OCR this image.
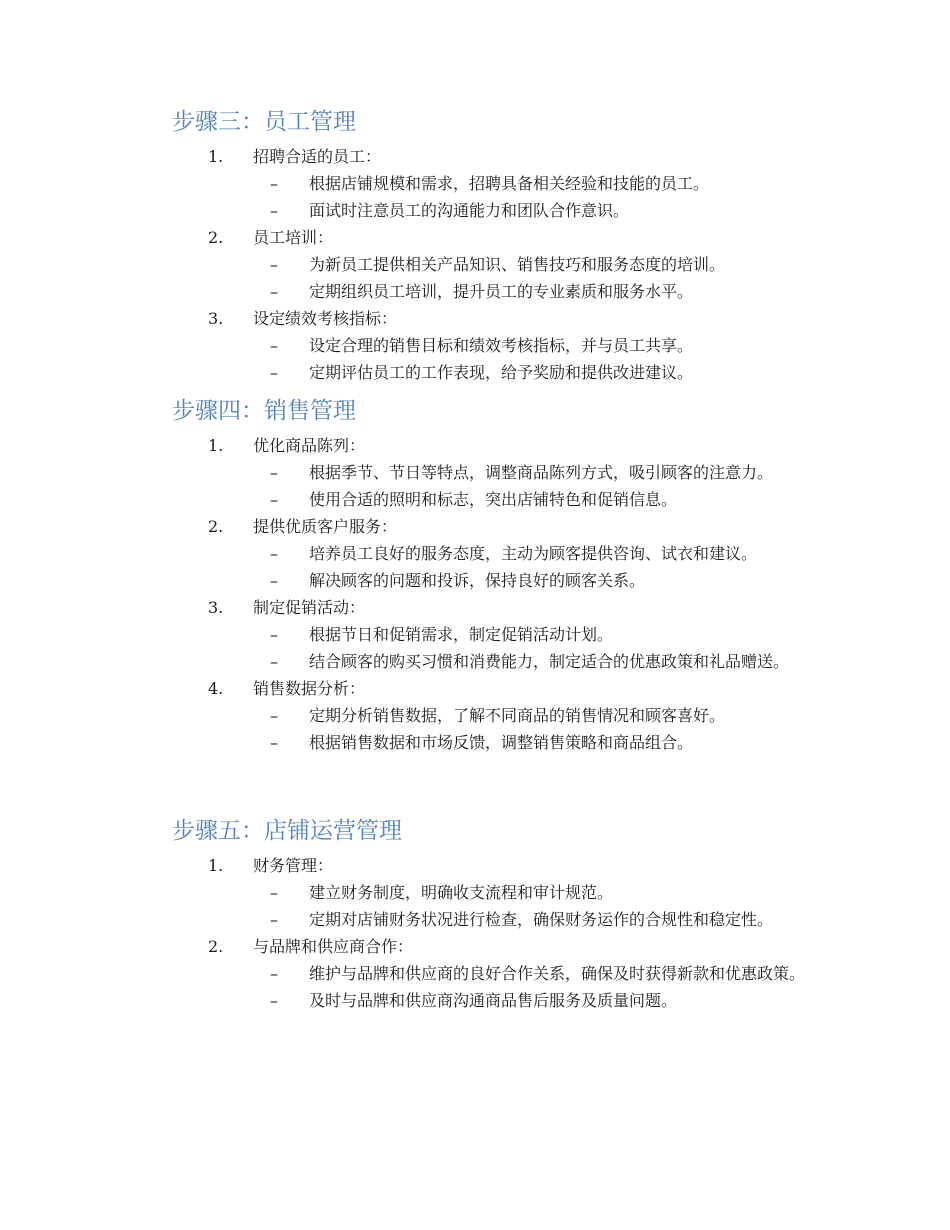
步骤三：员工管理
1. 招聘合适的员工：
–	根据店铺规模和需求，招聘具备相关经验和技能的员工。
–	面试时注意员工的沟通能力和团队合作意识。
2. 员工培训：
–	为新员工提供相关产品知识、销售技巧和服务态度的培训。
–	定期组织员工培训，提升员工的专业素质和服务水平。
3. 设定绩效考核指标：
–	设定合理的销售目标和绩效考核指标，并与员工共享。
–	定期评估员工的工作表现，给予奖励和提供改进建议。
步骤四：销售管理
1. 优化商品陈列：
–	根据季节、节日等特点，调整商品陈列方式，吸引顾客的注意力。
–	使用合适的照明和标志，突出店铺特色和促销信息。
2. 提供优质客户服务：
–	培养员工良好的服务态度，主动为顾客提供咨询、试衣和建议。
–	解决顾客的问题和投诉，保持良好的顾客关系。
3. 制定促销活动：
–	根据节日和促销需求，制定促销活动计划。
–	结合顾客的购买习惯和消费能力，制定适合的优惠政策和礼品赠送。
4. 销售数据分析：
–	定期分析销售数据，了解不同商品的销售情况和顾客喜好。
–	根据销售数据和市场反馈，调整销售策略和商品组合。
步骤五：店铺运营管理
1. 财务管理：
–	建立财务制度，明确收支流程和审计规范。
–	定期对店铺财务状况进行检查，确保财务运作的合规性和稳定性。
2. 与品牌和供应商合作：
–	维护与品牌和供应商的良好合作关系，确保及时获得新款和优惠政策。
–	及时与品牌和供应商沟通商品售后服务及质量问题。
